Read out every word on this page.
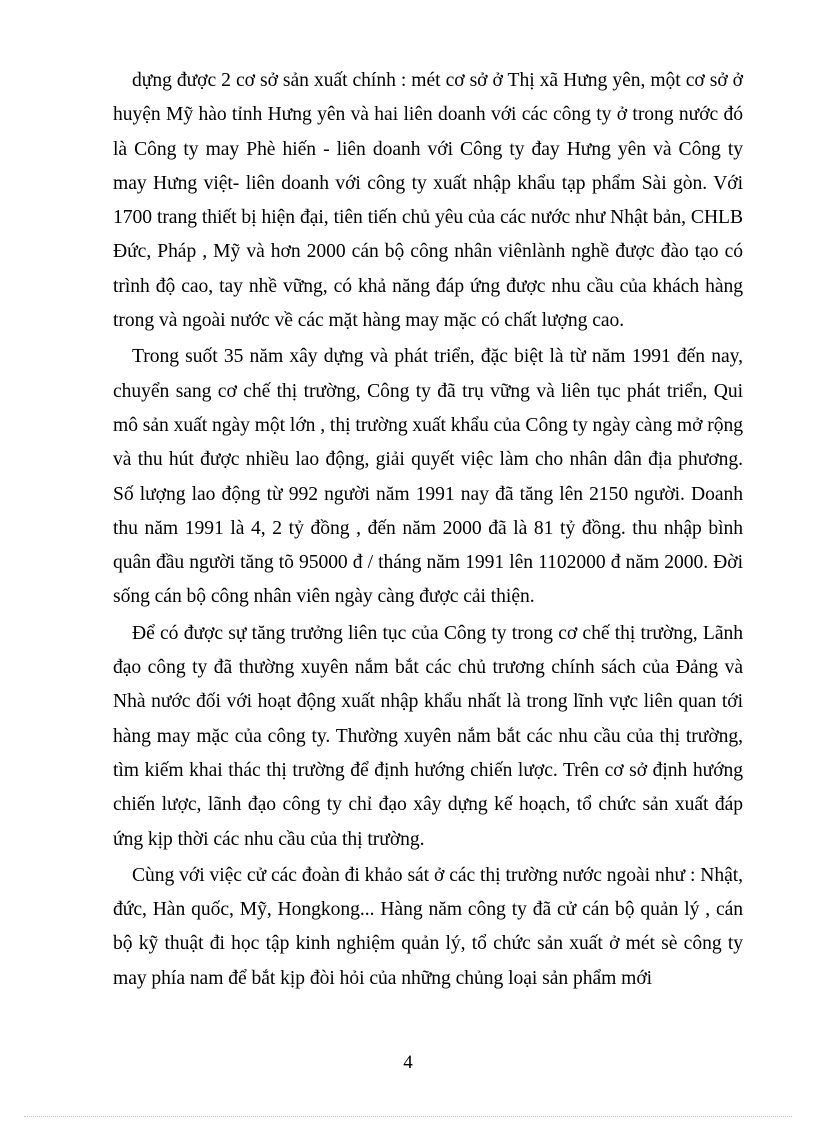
dựng được 2 cơ sở sản xuất chính : mét cơ sở ở Thị xã Hưng yên, một cơ sở ở huyện Mỹ hào tỉnh Hưng yên và hai liên doanh với các công ty ở trong nước đó là Công ty may Phè hiến - liên doanh với Công ty đay Hưng yên và Công ty may Hưng việt- liên doanh với công ty xuất nhập khẩu tạp phẩm Sài gòn. Với 1700 trang thiết bị hiện đại, tiên tiến chủ yêu của các nước như Nhật bản, CHLB Đức, Pháp , Mỹ và hơn 2000 cán bộ công nhân viênlành nghề được đào tạo có trình độ cao, tay nhề vững, có khả năng đáp ứng được nhu cầu của khách hàng trong và ngoài nước về các mặt hàng may mặc có chất lượng cao.

Trong suốt 35 năm xây dựng và phát triển, đặc biệt là từ năm 1991 đến nay, chuyển sang cơ chế thị trường, Công ty đã trụ vững và liên tục phát triển, Qui mô sản xuất ngày một lớn , thị trường xuất khẩu của Công ty ngày càng mở rộng và thu hút được nhiều lao động, giải quyết việc làm cho nhân dân địa phương. Số lượng lao động từ 992 người năm 1991 nay đã tăng lên 2150 người. Doanh thu năm 1991 là 4, 2 tỷ đồng , đến năm 2000 đã là 81 tỷ đồng. thu nhập bình quân đầu người tăng tõ 95000 đ / tháng năm 1991 lên 1102000 đ năm 2000. Đời sống cán bộ công nhân viên ngày càng được cải thiện.

Để có được sự tăng trưởng liên tục của Công ty trong cơ chế thị trường, Lãnh đạo công ty đã thường xuyên nắm bắt các chủ trương chính sách của Đảng và Nhà nước đối với hoạt động xuất nhập khẩu nhất là trong lĩnh vực liên quan tới hàng may mặc của công ty. Thường xuyên nắm bắt các nhu cầu của thị trường, tìm kiếm khai thác thị trường để định hướng chiến lược. Trên cơ sở định hướng chiến lược, lãnh đạo công ty chỉ đạo xây dựng kế hoạch, tổ chức sản xuất đáp ứng kịp thời các nhu cầu của thị trường.

Cùng với việc cử các đoàn đi khảo sát ở các thị trường nước ngoài như : Nhật, đức, Hàn quốc, Mỹ, Hongkong... Hàng năm công ty đã cử cán bộ quản lý , cán bộ kỹ thuật đi học tập kinh nghiệm quản lý, tổ chức sản xuất ở mét sè công ty may phía nam để bắt kịp đòi hỏi của những chủng loại sản phẩm mới

4
